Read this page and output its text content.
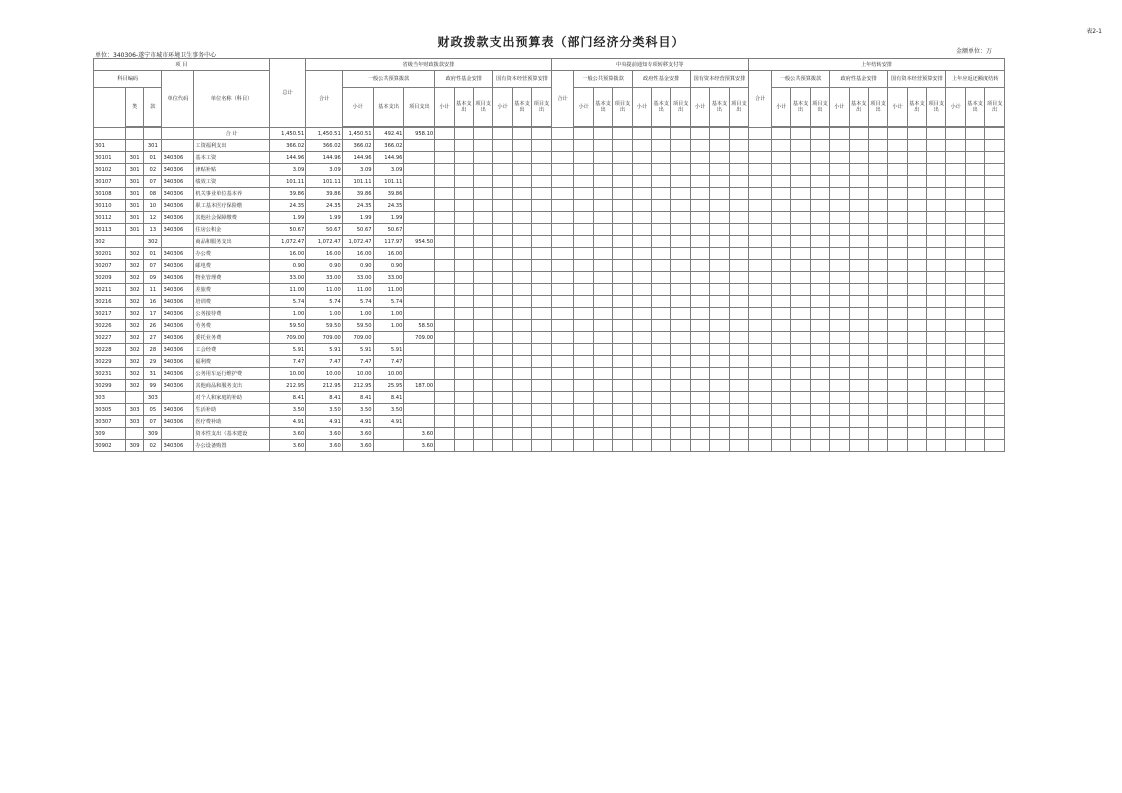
财政拨款支出预算表（部门经济分类科目）
表2-1
单位：340306-遂宁市城市环境卫生事务中心
金额单位：万
项 目					总计	省级当年财政拨款安排										中央提前通知专项转移支付等										上年结转安排												
科目编码			单位代码	单位名称（科目）		合计	一般公共预算拨款			政府性基金安排			国有资本经营预算安排			合计	一般公共预算拨款			政府性基金安排			国有资本经营预算安排			合计	一般公共预算拨款			政府性基金安排			国有资本经营预算安排			上年应返还额度结转		
	类	款					小计	基本支出	项目支出	小计	基本支出	项目支出	小计	基本支出	项目支出		小计	基本支出	项目支出	小计	基本支出	项目支出	小计	基本支出	项目支出		小计	基本支出	项目支出	小计	基本支出	项目支出	小计	基本支出	项目支出	小计	基本支出	项目支出

				合 计	1,450.51	1,450.51	1,450.51	492.41	958.10																													
301		301		工资福利支出	366.02	366.02	366.02	366.02																														
30101	301	01	340306	基本工资	144.96	144.96	144.96	144.96																														
30102	301	02	340306	津贴补贴	3.09	3.09	3.09	3.09																														
30107	301	07	340306	绩效工资	101.11	101.11	101.11	101.11																														
30108	301	08	340306	机关事业单位基本养	39.86	39.86	39.86	39.86																														
30110	301	10	340306	职工基本医疗保险缴	24.35	24.35	24.35	24.35																														
30112	301	12	340306	其他社会保障缴费	1.99	1.99	1.99	1.99																														
30113	301	13	340306	住房公积金	50.67	50.67	50.67	50.67																														
302		302		商品和服务支出	1,072.47	1,072.47	1,072.47	117.97	954.50																													
30201	302	01	340306	办公费	16.00	16.00	16.00	16.00																														
30207	302	07	340306	邮电费	0.90	0.90	0.90	0.90																														
30209	302	09	340306	物业管理费	33.00	33.00	33.00	33.00																														
30211	302	11	340306	差旅费	11.00	11.00	11.00	11.00																														
30216	302	16	340306	培训费	5.74	5.74	5.74	5.74																														
30217	302	17	340306	公务接待费	1.00	1.00	1.00	1.00																														
30226	302	26	340306	劳务费	59.50	59.50	59.50	1.00	58.50																													
30227	302	27	340306	委托业务费	709.00	709.00	709.00		709.00																													
30228	302	28	340306	工会经费	5.91	5.91	5.91	5.91																														
30229	302	29	340306	福利费	7.47	7.47	7.47	7.47																														
30231	302	31	340306	公务用车运行维护费	10.00	10.00	10.00	10.00																														
30299	302	99	340306	其他商品和服务支出	212.95	212.95	212.95	25.95	187.00																													
303		303		对个人和家庭的补助	8.41	8.41	8.41	8.41																														
30305	303	05	340306	生活补助	3.50	3.50	3.50	3.50																														
30307	303	07	340306	医疗费补助	4.91	4.91	4.91	4.91																														
309		309		资本性支出（基本建设	3.60	3.60	3.60		3.60																													
30902	309	02	340306	办公设备购置	3.60	3.60	3.60		3.60																													
